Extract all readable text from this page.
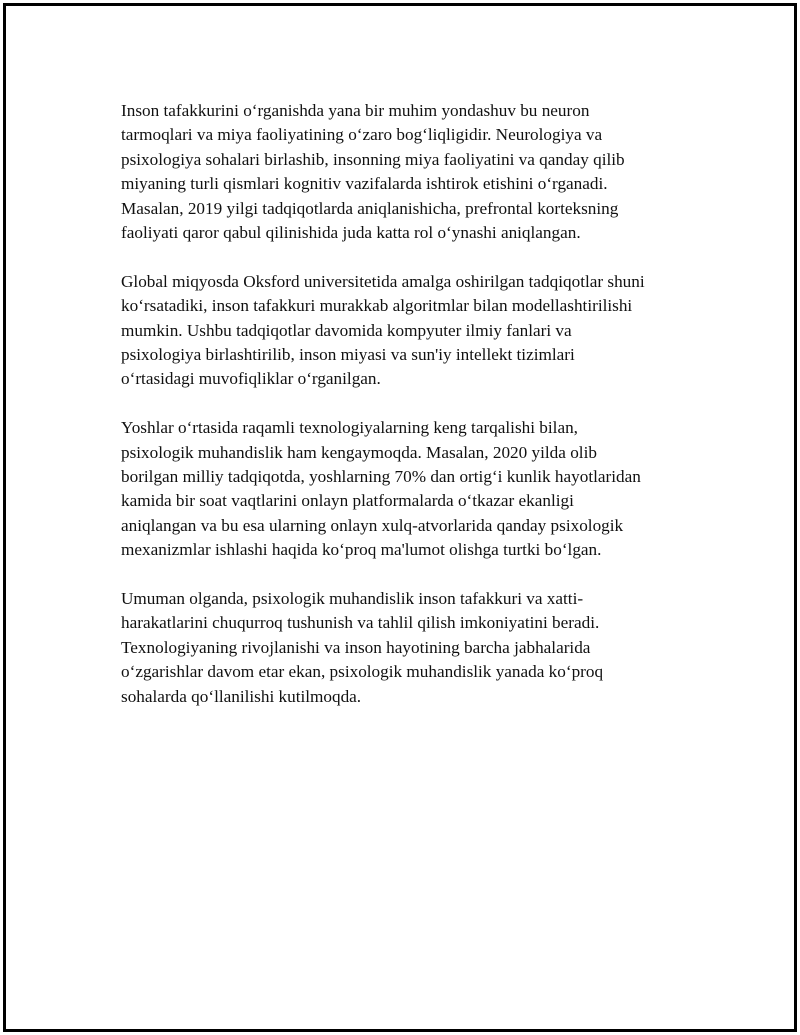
Inson tafakkurini oʻrganishda yana bir muhim yondashuv bu neuron
tarmoqlari va miya faoliyatining oʻzaro bogʻliqligidir. Neurologiya va
psixologiya sohalari birlashib, insonning miya faoliyatini va qanday qilib
miyaning turli qismlari kognitiv vazifalarda ishtirok etishini oʻrganadi.
Masalan, 2019 yilgi tadqiqotlarda aniqlanishicha, prefrontal korteksning
faoliyati qaror qabul qilinishida juda katta rol oʻynashi aniqlangan.

Global miqyosda Oksford universitetida amalga oshirilgan tadqiqotlar shuni
koʻrsatadiki, inson tafakkuri murakkab algoritmlar bilan modellashtirilishi
mumkin. Ushbu tadqiqotlar davomida kompyuter ilmiy fanlari va
psixologiya birlashtirilib, inson miyasi va sun'iy intellekt tizimlari
oʻrtasidagi muvofiqliklar oʻrganilgan.

Yoshlar oʻrtasida raqamli texnologiyalarning keng tarqalishi bilan,
psixologik muhandislik ham kengaymoqda. Masalan, 2020 yilda olib
borilgan milliy tadqiqotda, yoshlarning 70% dan ortigʻi kunlik hayotlaridan
kamida bir soat vaqtlarini onlayn platformalarda oʻtkazar ekanligi
aniqlangan va bu esa ularning onlayn xulq-atvorlarida qanday psixologik
mexanizmlar ishlashi haqida koʻproq ma'lumot olishga turtki boʻlgan.

Umuman olganda, psixologik muhandislik inson tafakkuri va xatti-
harakatlarini chuqurroq tushunish va tahlil qilish imkoniyatini beradi.
Texnologiyaning rivojlanishi va inson hayotining barcha jabhalarida
oʻzgarishlar davom etar ekan, psixologik muhandislik yanada koʻproq
sohalarda qoʻllanilishi kutilmoqda.
